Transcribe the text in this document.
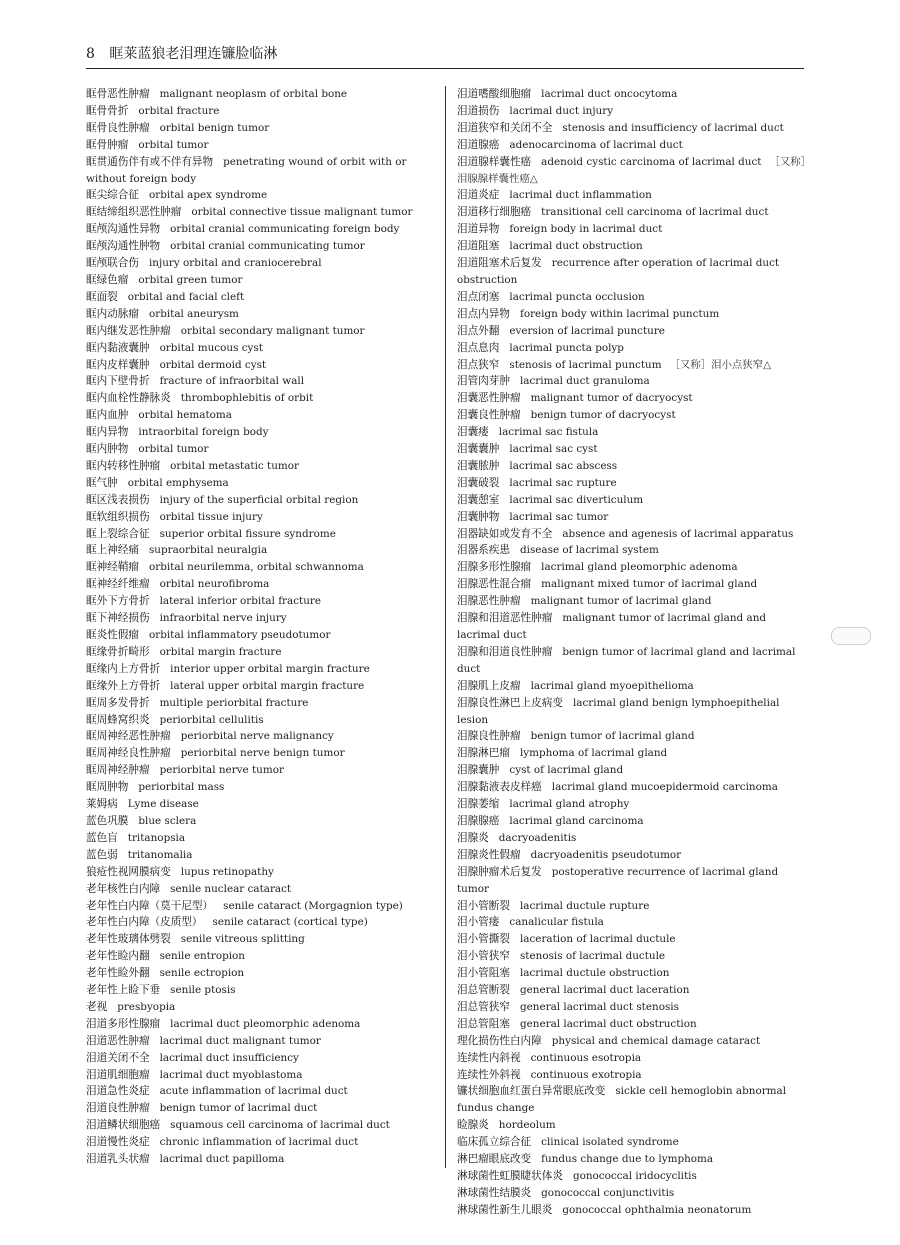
8 眶莱蓝狼老泪理连镰脸临淋

眶骨恶性肿瘤 malignant neoplasm of orbital bone

眶骨骨折 orbital fracture

眶骨良性肿瘤 orbital benign tumor

眶骨肿瘤 orbital tumor

眶贯通伤伴有或不伴有异物 penetrating wound of orbit with or without foreign body

眶尖综合征 orbital apex syndrome

眶结缔组织恶性肿瘤 orbital connective tissue malignant tumor

眶颅沟通性异物 orbital cranial communicating foreign body

眶颅沟通性肿物 orbital cranial communicating tumor

眶颅联合伤 injury orbital and craniocerebral

眶绿色瘤 orbital green tumor

眶面裂 orbital and facial cleft

眶内动脉瘤 orbital aneurysm

眶内继发恶性肿瘤 orbital secondary malignant tumor

眶内黏液囊肿 orbital mucous cyst

眶内皮样囊肿 orbital dermoid cyst

眶内下壁骨折 fracture of infraorbital wall

眶内血栓性静脉炎 thrombophlebitis of orbit

眶内血肿 orbital hematoma

眶内异物 intraorbital foreign body

眶内肿物 orbital tumor

眶内转移性肿瘤 orbital metastatic tumor

眶气肿 orbital emphysema

眶区浅表损伤 injury of the superficial orbital region

眶软组织损伤 orbital tissue injury

眶上裂综合征 superior orbital fissure syndrome

眶上神经痛 supraorbital neuralgia

眶神经鞘瘤 orbital neurilemma, orbital schwannoma

眶神经纤维瘤 orbital neurofibroma

眶外下方骨折 lateral inferior orbital fracture

眶下神经损伤 infraorbital nerve injury

眶炎性假瘤 orbital inflammatory pseudotumor

眶缘骨折畸形 orbital margin fracture

眶缘内上方骨折 interior upper orbital margin fracture

眶缘外上方骨折 lateral upper orbital margin fracture

眶周多发骨折 multiple periorbital fracture

眶周蜂窝织炎 periorbital cellulitis

眶周神经恶性肿瘤 periorbital nerve malignancy

眶周神经良性肿瘤 periorbital nerve benign tumor

眶周神经肿瘤 periorbital nerve tumor

眶周肿物 periorbital mass

莱姆病 Lyme disease

蓝色巩膜 blue sclera

蓝色盲 tritanopsia

蓝色弱 tritanomalia

狼疮性视网膜病变 lupus retinopathy

老年核性白内障 senile nuclear cataract

老年性白内障（莫干尼型） senile cataract (Morgagnion type)

老年性白内障（皮质型） senile cataract (cortical type)

老年性玻璃体劈裂 senile vitreous splitting

老年性睑内翻 senile entropion

老年性睑外翻 senile ectropion

老年性上睑下垂 senile ptosis

老视 presbyopia

泪道多形性腺瘤 lacrimal duct pleomorphic adenoma

泪道恶性肿瘤 lacrimal duct malignant tumor

泪道关闭不全 lacrimal duct insufficiency

泪道肌细胞瘤 lacrimal duct myoblastoma

泪道急性炎症 acute inflammation of lacrimal duct

泪道良性肿瘤 benign tumor of lacrimal duct

泪道鳞状细胞癌 squamous cell carcinoma of lacrimal duct

泪道慢性炎症 chronic inflammation of lacrimal duct

泪道乳头状瘤 lacrimal duct papilloma

泪道嗜酸细胞瘤 lacrimal duct oncocytoma

泪道损伤 lacrimal duct injury

泪道狭窄和关闭不全 stenosis and insufficiency of lacrimal duct

泪道腺癌 adenocarcinoma of lacrimal duct

泪道腺样囊性癌 adenoid cystic carcinoma of lacrimal duct ［又称］泪腺腺样囊性癌△

泪道炎症 lacrimal duct inflammation

泪道移行细胞癌 transitional cell carcinoma of lacrimal duct

泪道异物 foreign body in lacrimal duct

泪道阻塞 lacrimal duct obstruction

泪道阻塞术后复发 recurrence after operation of lacrimal duct obstruction

泪点闭塞 lacrimal puncta occlusion

泪点内异物 foreign body within lacrimal punctum

泪点外翻 eversion of lacrimal puncture

泪点息肉 lacrimal puncta polyp

泪点狭窄 stenosis of lacrimal punctum ［又称］泪小点狭窄△

泪管肉芽肿 lacrimal duct granuloma

泪囊恶性肿瘤 malignant tumor of dacryocyst

泪囊良性肿瘤 benign tumor of dacryocyst

泪囊瘘 lacrimal sac fistula

泪囊囊肿 lacrimal sac cyst

泪囊脓肿 lacrimal sac abscess

泪囊破裂 lacrimal sac rupture

泪囊憩室 lacrimal sac diverticulum

泪囊肿物 lacrimal sac tumor

泪器缺如或发育不全 absence and agenesis of lacrimal apparatus

泪器系疾患 disease of lacrimal system

泪腺多形性腺瘤 lacrimal gland pleomorphic adenoma

泪腺恶性混合瘤 malignant mixed tumor of lacrimal gland

泪腺恶性肿瘤 malignant tumor of lacrimal gland

泪腺和泪道恶性肿瘤 malignant tumor of lacrimal gland and lacrimal duct

泪腺和泪道良性肿瘤 benign tumor of lacrimal gland and lacrimal duct

泪腺肌上皮瘤 lacrimal gland myoepithelioma

泪腺良性淋巴上皮病变 lacrimal gland benign lymphoepithelial lesion

泪腺良性肿瘤 benign tumor of lacrimal gland

泪腺淋巴瘤 lymphoma of lacrimal gland

泪腺囊肿 cyst of lacrimal gland

泪腺黏液表皮样癌 lacrimal gland mucoepidermoid carcinoma

泪腺萎缩 lacrimal gland atrophy

泪腺腺癌 lacrimal gland carcinoma

泪腺炎 dacryoadenitis

泪腺炎性假瘤 dacryoadenitis pseudotumor

泪腺肿瘤术后复发 postoperative recurrence of lacrimal gland tumor

泪小管断裂 lacrimal ductule rupture

泪小管瘘 canalicular fistula

泪小管撕裂 laceration of lacrimal ductule

泪小管狭窄 stenosis of lacrimal ductule

泪小管阻塞 lacrimal ductule obstruction

泪总管断裂 general lacrimal duct laceration

泪总管狭窄 general lacrimal duct stenosis

泪总管阻塞 general lacrimal duct obstruction

理化损伤性白内障 physical and chemical damage cataract

连续性内斜视 continuous esotropia

连续性外斜视 continuous exotropia

镰状细胞血红蛋白异常眼底改变 sickle cell hemoglobin abnormal fundus change

睑腺炎 hordeolum

临床孤立综合征 clinical isolated syndrome

淋巴瘤眼底改变 fundus change due to lymphoma

淋球菌性虹膜睫状体炎 gonococcal iridocyclitis

淋球菌性结膜炎 gonococcal conjunctivitis

淋球菌性新生儿眼炎 gonococcal ophthalmia neonatorum
